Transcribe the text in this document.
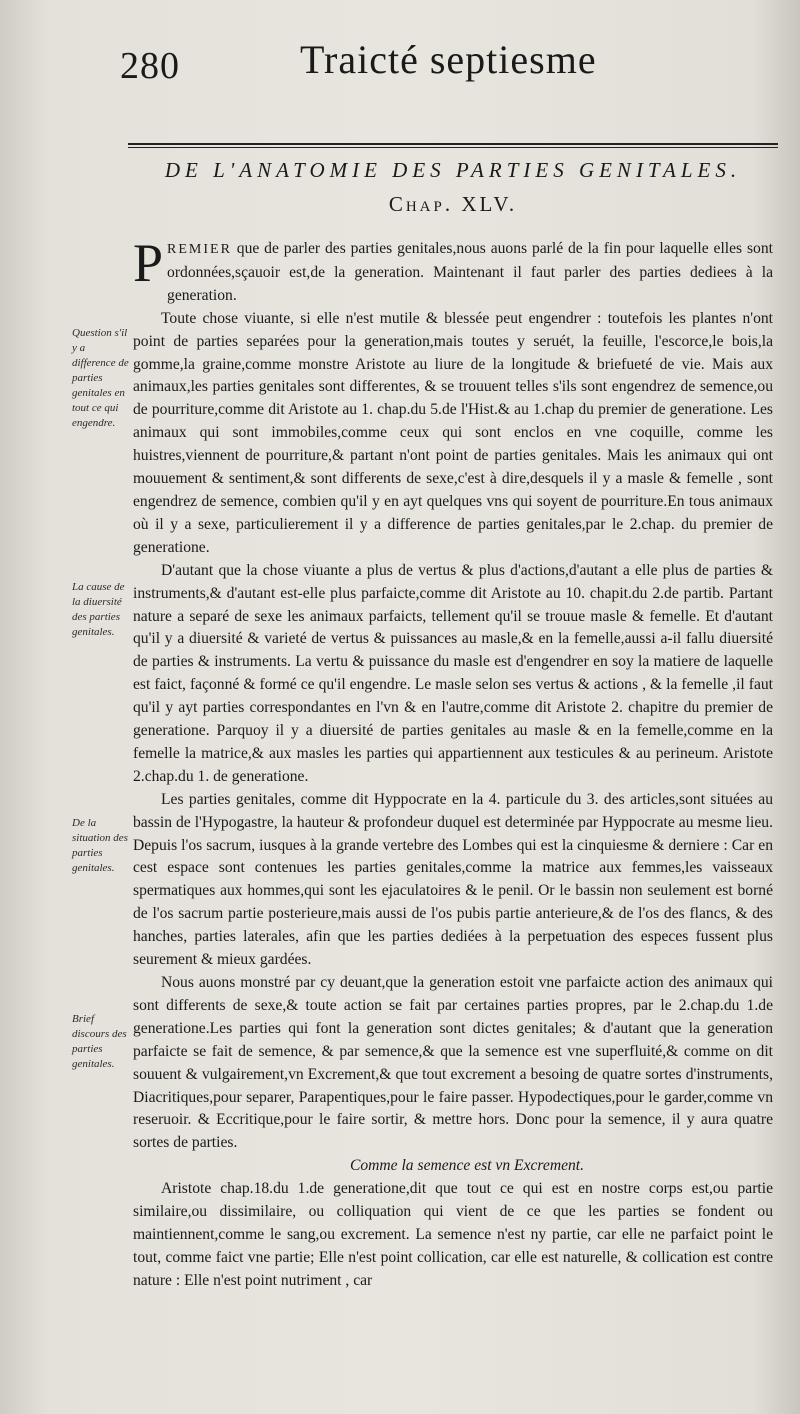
280	Traicté septiesme
DE L'ANATOMIE DES PARTIES GENITALES.
Chap. XLV.
Question s'il y a difference de parties genitales en tout ce qui engendre.
La cause de la diuersité des parties genitales.
De la situation des parties genitales.
Brief discours des parties genitales.

PREMIER que de parler des parties genitales,nous auons parlé de la fin pour laquelle elles sont ordonnées,sçauoir est,de la generation. Maintenant il faut parler des parties dediees à la generation.

Toute chose viuante, si elle n'est mutile & blessée peut engendrer : toutefois les plantes n'ont point de parties separées pour la generation,mais toutes y seruét, la feuille, l'escorce,le bois,la gomme,la graine,comme monstre Aristote au liure de la longitude & briefueté de vie. Mais aux animaux,les parties genitales sont differentes, & se trouuent telles s'ils sont engendrez de semence,ou de pourriture,comme dit Aristote au 1. chap.du 5.de l'Hist.& au 1.chap du premier de generatione. Les animaux qui sont immobiles,comme ceux qui sont enclos en vne coquille, comme les huistres,viennent de pourriture,& partant n'ont point de parties genitales. Mais les animaux qui ont mouuement & sentiment,& sont differents de sexe,c'est à dire,desquels il y a masle & femelle , sont engendrez de semence, combien qu'il y en ayt quelques vns qui soyent de pourriture.En tous animaux où il y a sexe, particulierement il y a difference de parties genitales,par le 2.chap. du premier de generatione.

D'autant que la chose viuante a plus de vertus & plus d'actions,d'autant a elle plus de parties & instruments,& d'autant est-elle plus parfaicte,comme dit Aristote au 10. chapit.du 2.de partib. Partant nature a separé de sexe les animaux parfaicts, tellement qu'il se trouue masle & femelle. Et d'autant qu'il y a diuersité & varieté de vertus & puissances au masle,& en la femelle,aussi a-il fallu diuersité de parties & instruments. La vertu & puissance du masle est d'engendrer en soy la matiere de laquelle est faict, façonné & formé ce qu'il engendre. Le masle selon ses vertus & actions , & la femelle ,il faut qu'il y ayt parties correspondantes en l'vn & en l'autre,comme dit Aristote 2. chapitre du premier de generatione. Parquoy il y a diuersité de parties genitales au masle & en la femelle,comme en la femelle la matrice,& aux masles les parties qui appartiennent aux testicules & au perineum. Aristote 2.chap.du 1. de generatione.

Les parties genitales, comme dit Hyppocrate en la 4. particule du 3. des articles,sont situées au bassin de l'Hypogastre, la hauteur & profondeur duquel est determinée par Hyppocrate au mesme lieu. Depuis l'os sacrum, iusques à la grande vertebre des Lombes qui est la cinquiesme & derniere : Car en cest espace sont contenues les parties genitales,comme la matrice aux femmes,les vaisseaux spermatiques aux hommes,qui sont les ejaculatoires & le penil. Or le bassin non seulement est borné de l'os sacrum partie posterieure,mais aussi de l'os pubis partie anterieure,& de l'os des flancs, & des hanches, parties laterales, afin que les parties dediées à la perpetuation des especes fussent plus seurement & mieux gardées.

Nous auons monstré par cy deuant,que la generation estoit vne parfaicte action des animaux qui sont differents de sexe,& toute action se fait par certaines parties propres, par le 2.chap.du 1.de generatione.Les parties qui font la generation sont dictes genitales; & d'autant que la generation parfaicte se fait de semence, & par semence,& que la semence est vne superfluité,& comme on dit souuent & vulgairement,vn Excrement,& que tout excrement a besoing de quatre sortes d'instruments, Diacritiques,pour separer, Parapentiques,pour le faire passer. Hypodectiques,pour le garder,comme vn reseruoir. & Eccritique,pour le faire sortir, & mettre hors. Donc pour la semence, il y aura quatre sortes de parties.

Comme la semence est vn Excrement.

Aristote chap.18.du 1.de generatione,dit que tout ce qui est en nostre corps est,ou partie similaire,ou dissimilaire, ou colliquation qui vient de ce que les parties se fondent ou maintiennent,comme le sang,ou excrement. La semence n'est ny partie, car elle ne parfaict point le tout, comme faict vne partie; Elle n'est point collication, car elle est naturelle, & collication est contre nature : Elle n'est point nutriment , car
